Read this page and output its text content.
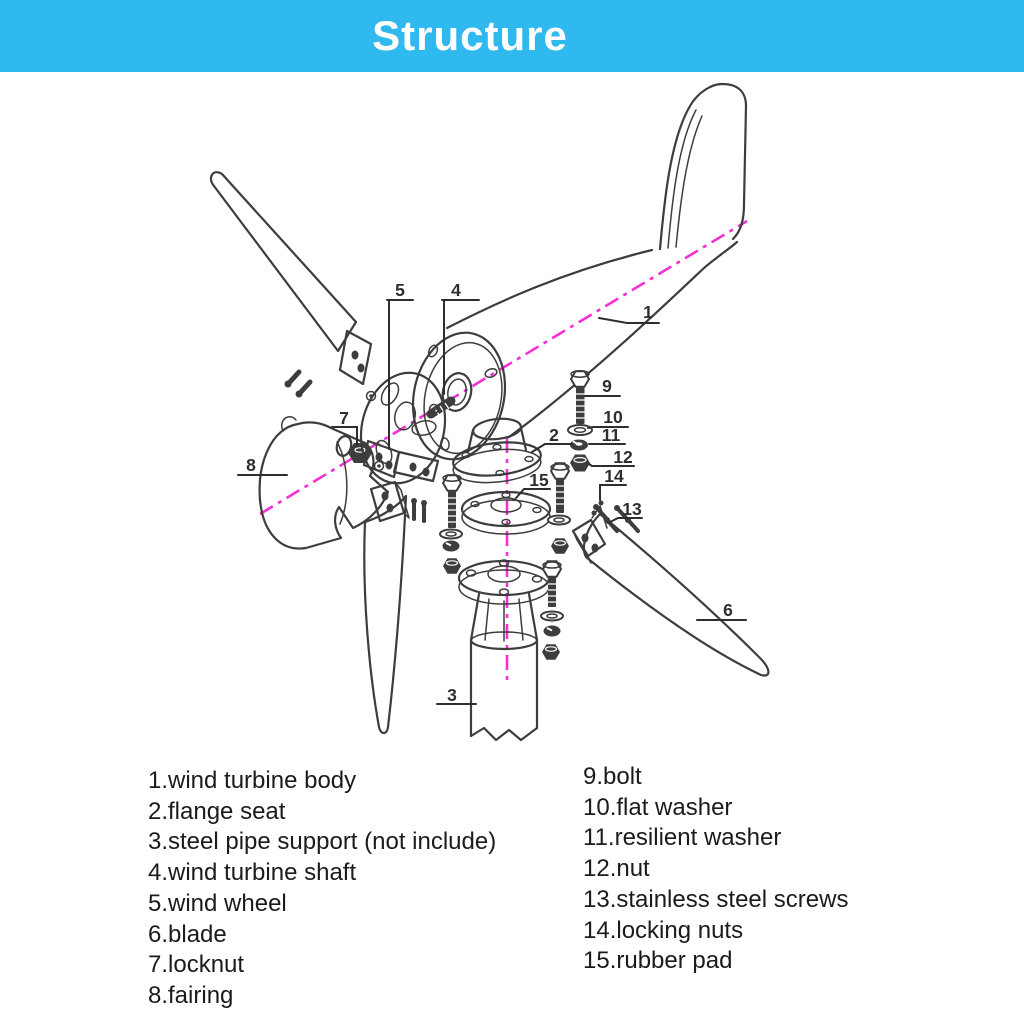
Structure
1
2
3
4
5
6
7
8
9
10
11
12
13
14
15
1.wind turbine body
2.flange seat
3.steel pipe support (not include)
4.wind turbine shaft
5.wind wheel
6.blade
7.locknut
8.fairing
9.bolt
10.flat washer
11.resilient washer
12.nut
13.stainless steel screws
14.locking nuts
15.rubber pad
